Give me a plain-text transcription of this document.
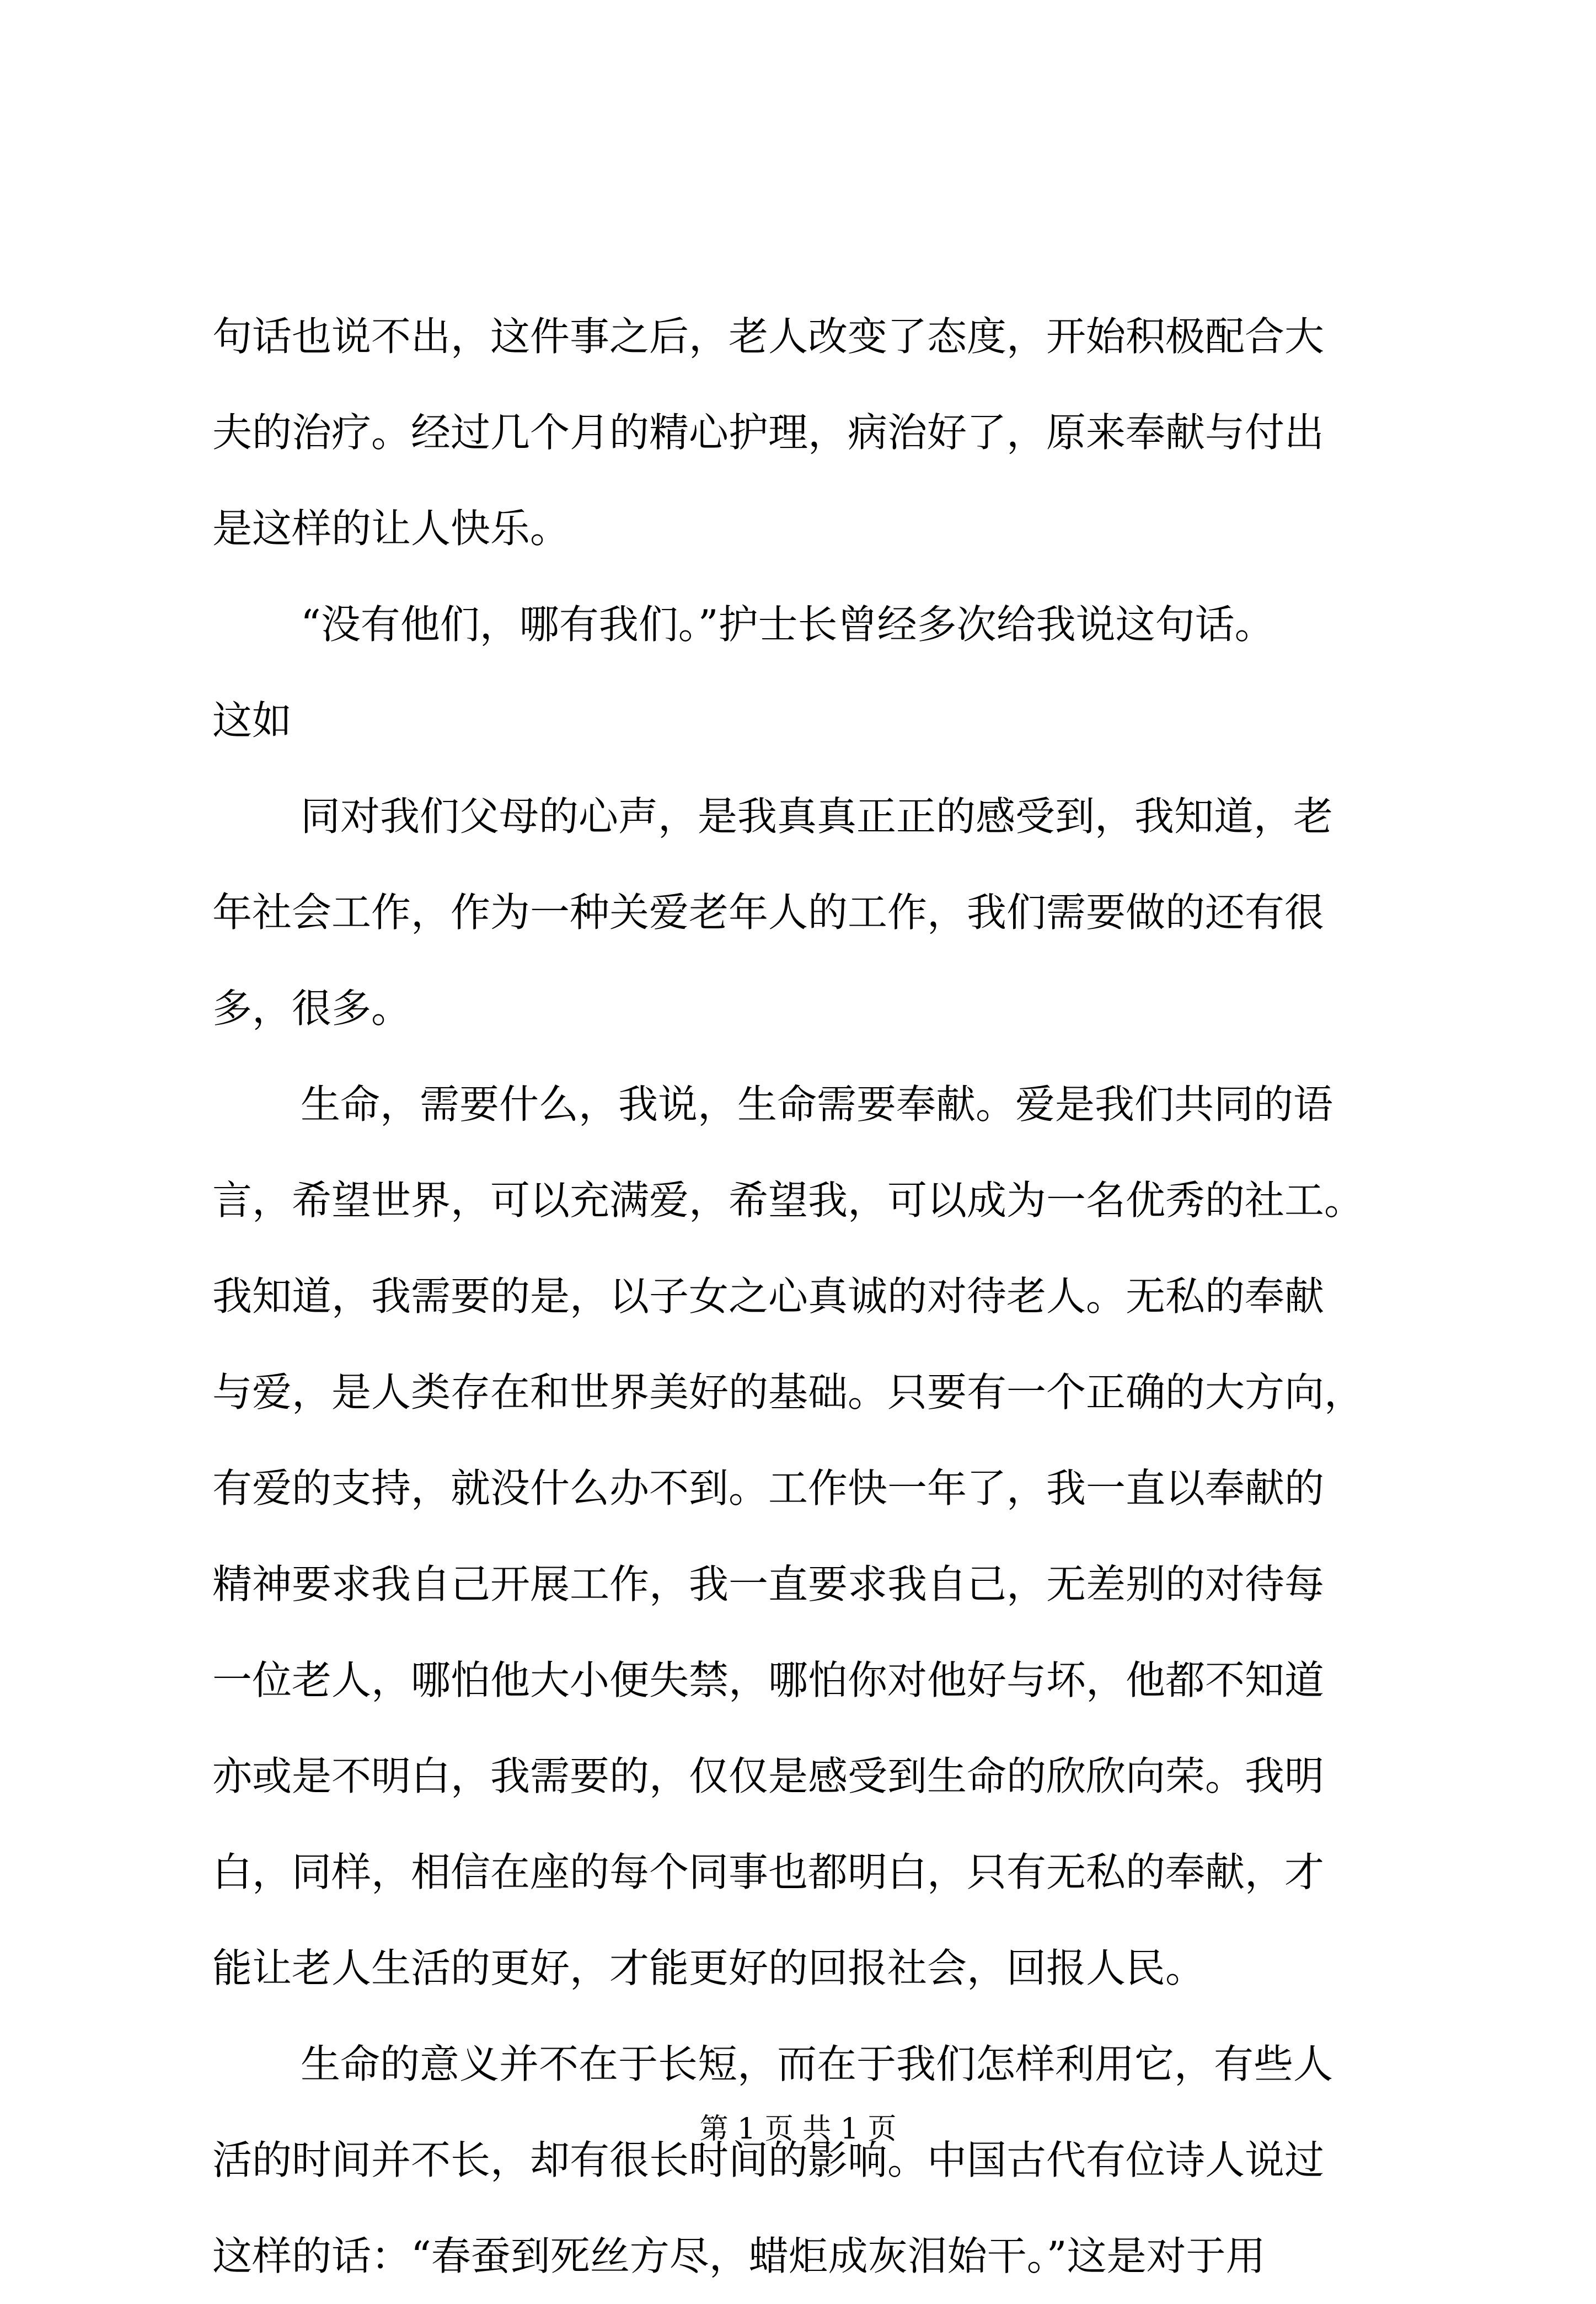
句话也说不出，这件事之后，老人改变了态度，开始积极配合大
夫的治疗。经过几个月的精心护理，病治好了，原来奉献与付出
是这样的让人快乐。
“没有他们，哪有我们。”护士长曾经多次给我说这句话。
这如
同对我们父母的心声，是我真真正正的感受到，我知道，老
年社会工作，作为一种关爱老年人的工作，我们需要做的还有很
多，很多。
生命，需要什么，我说，生命需要奉献。爱是我们共同的语
言，希望世界，可以充满爱，希望我，可以成为一名优秀的社工。
我知道，我需要的是，以子女之心真诚的对待老人。无私的奉献
与爱，是人类存在和世界美好的基础。只要有一个正确的大方向，
有爱的支持，就没什么办不到。工作快一年了，我一直以奉献的
精神要求我自己开展工作，我一直要求我自己，无差别的对待每
一位老人，哪怕他大小便失禁，哪怕你对他好与坏，他都不知道
亦或是不明白，我需要的，仅仅是感受到生命的欣欣向荣。我明
白，同样，相信在座的每个同事也都明白，只有无私的奉献，才
能让老人生活的更好，才能更好的回报社会，回报人民。
生命的意义并不在于长短，而在于我们怎样利用它，有些人
活的时间并不长，却有很长时间的影响。中国古代有位诗人说过
这样的话：“春蚕到死丝方尽，蜡炬成灰泪始干。”这是对于用
第 1 页 共 1 页
